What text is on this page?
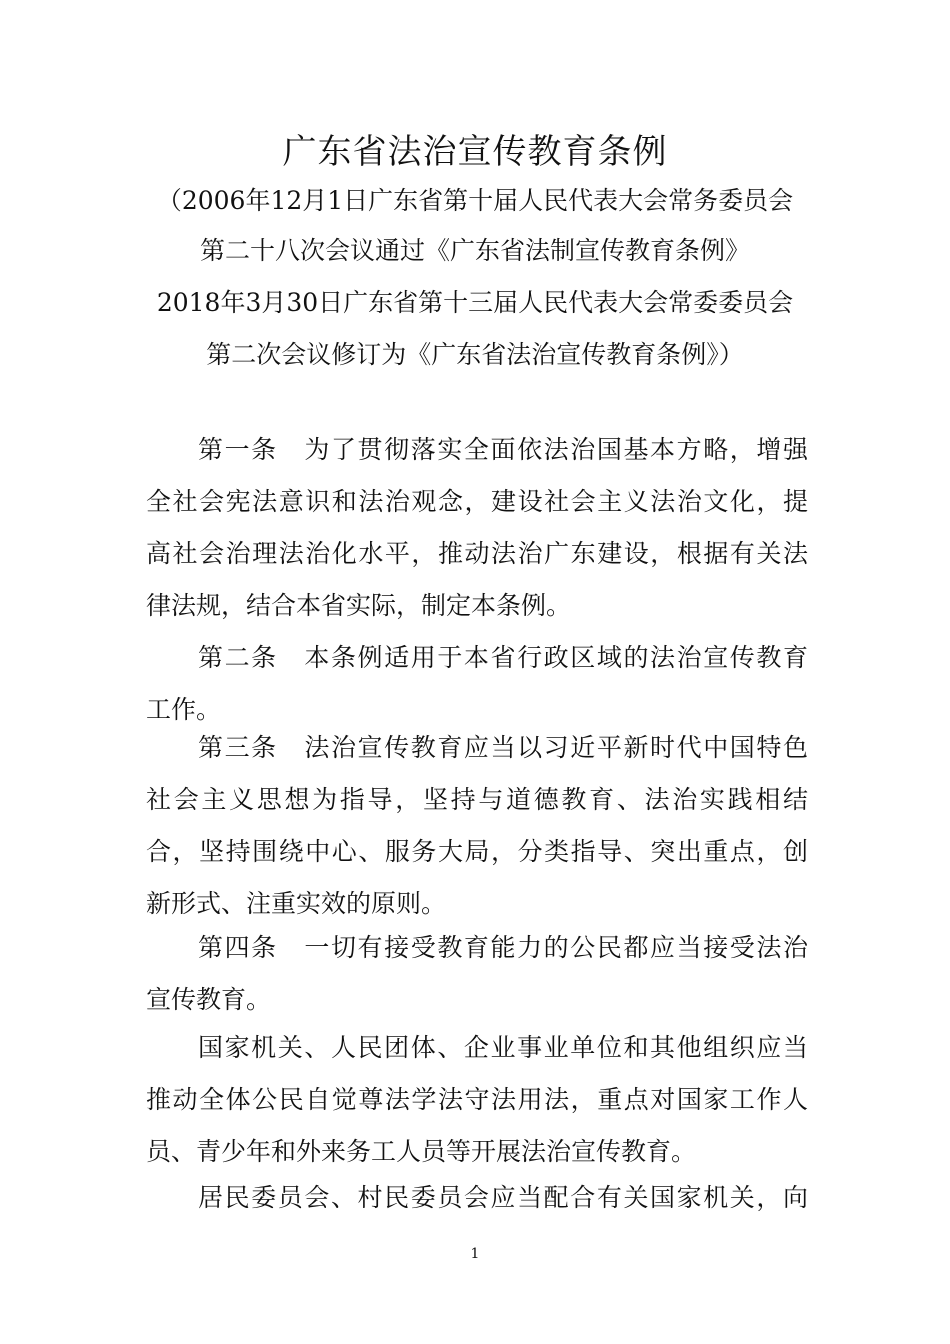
广东省法治宣传教育条例
（2006年12月1日广东省第十届人民代表大会常务委员会
第二十八次会议通过《广东省法制宣传教育条例》
2018年3月30日广东省第十三届人民代表大会常委委员会
第二次会议修订为《广东省法治宣传教育条例》）
第一条　为了贯彻落实全面依法治国基本方略，增强
全社会宪法意识和法治观念，建设社会主义法治文化，提
高社会治理法治化水平，推动法治广东建设，根据有关法
律法规，结合本省实际，制定本条例。
第二条　本条例适用于本省行政区域的法治宣传教育
工作。
第三条　法治宣传教育应当以习近平新时代中国特色
社会主义思想为指导，坚持与道德教育、法治实践相结
合，坚持围绕中心、服务大局，分类指导、突出重点，创
新形式、注重实效的原则。
第四条　一切有接受教育能力的公民都应当接受法治
宣传教育。
国家机关、人民团体、企业事业单位和其他组织应当
推动全体公民自觉尊法学法守法用法，重点对国家工作人
员、青少年和外来务工人员等开展法治宣传教育。
居民委员会、村民委员会应当配合有关国家机关，向
1
